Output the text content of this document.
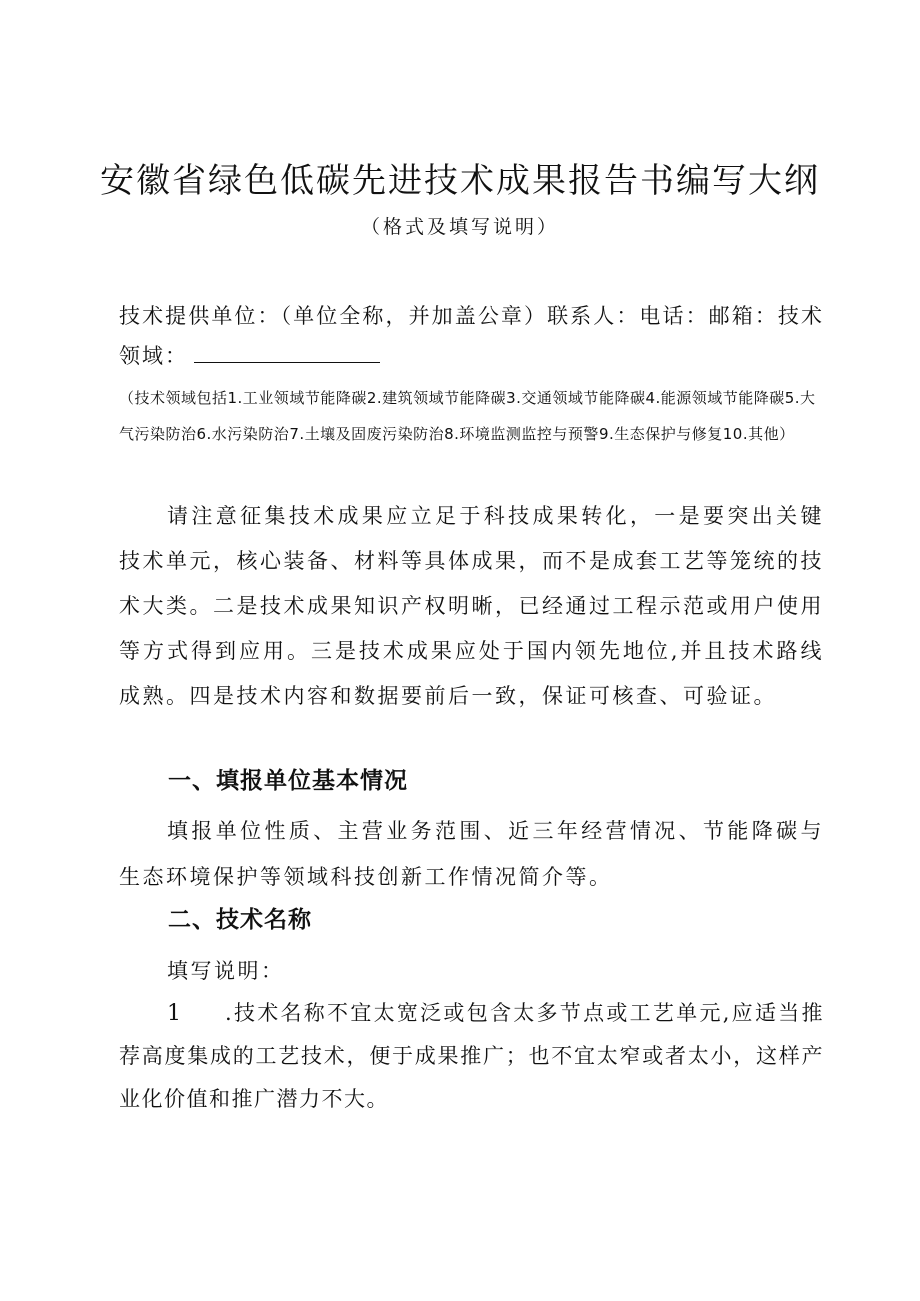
安徽省绿色低碳先进技术成果报告书编写大纲
（格式及填写说明）
技术提供单位：（单位全称，并加盖公章）联系人：电话：邮箱：技术领域：
（技术领域包括1.工业领域节能降碳2.建筑领域节能降碳3.交通领域节能降碳4.能源领域节能降碳5.大气污染防治6.水污染防治7.土壤及固废污染防治8.环境监测监控与预警9.生态保护与修复10.其他）

请注意征集技术成果应立足于科技成果转化，一是要突出关键技术单元，核心装备、材料等具体成果，而不是成套工艺等笼统的技术大类。二是技术成果知识产权明晰，已经通过工程示范或用户使用等方式得到应用。三是技术成果应处于国内领先地位,并且技术路线成熟。四是技术内容和数据要前后一致，保证可核查、可验证。

一、填报单位基本情况

填报单位性质、主营业务范围、近三年经营情况、节能降碳与生态环境保护等领域科技创新工作情况简介等。

二、技术名称

填写说明：

1 .技术名称不宜太宽泛或包含太多节点或工艺单元,应适当推荐高度集成的工艺技术，便于成果推广；也不宜太窄或者太小，这样产业化价值和推广潜力不大。
